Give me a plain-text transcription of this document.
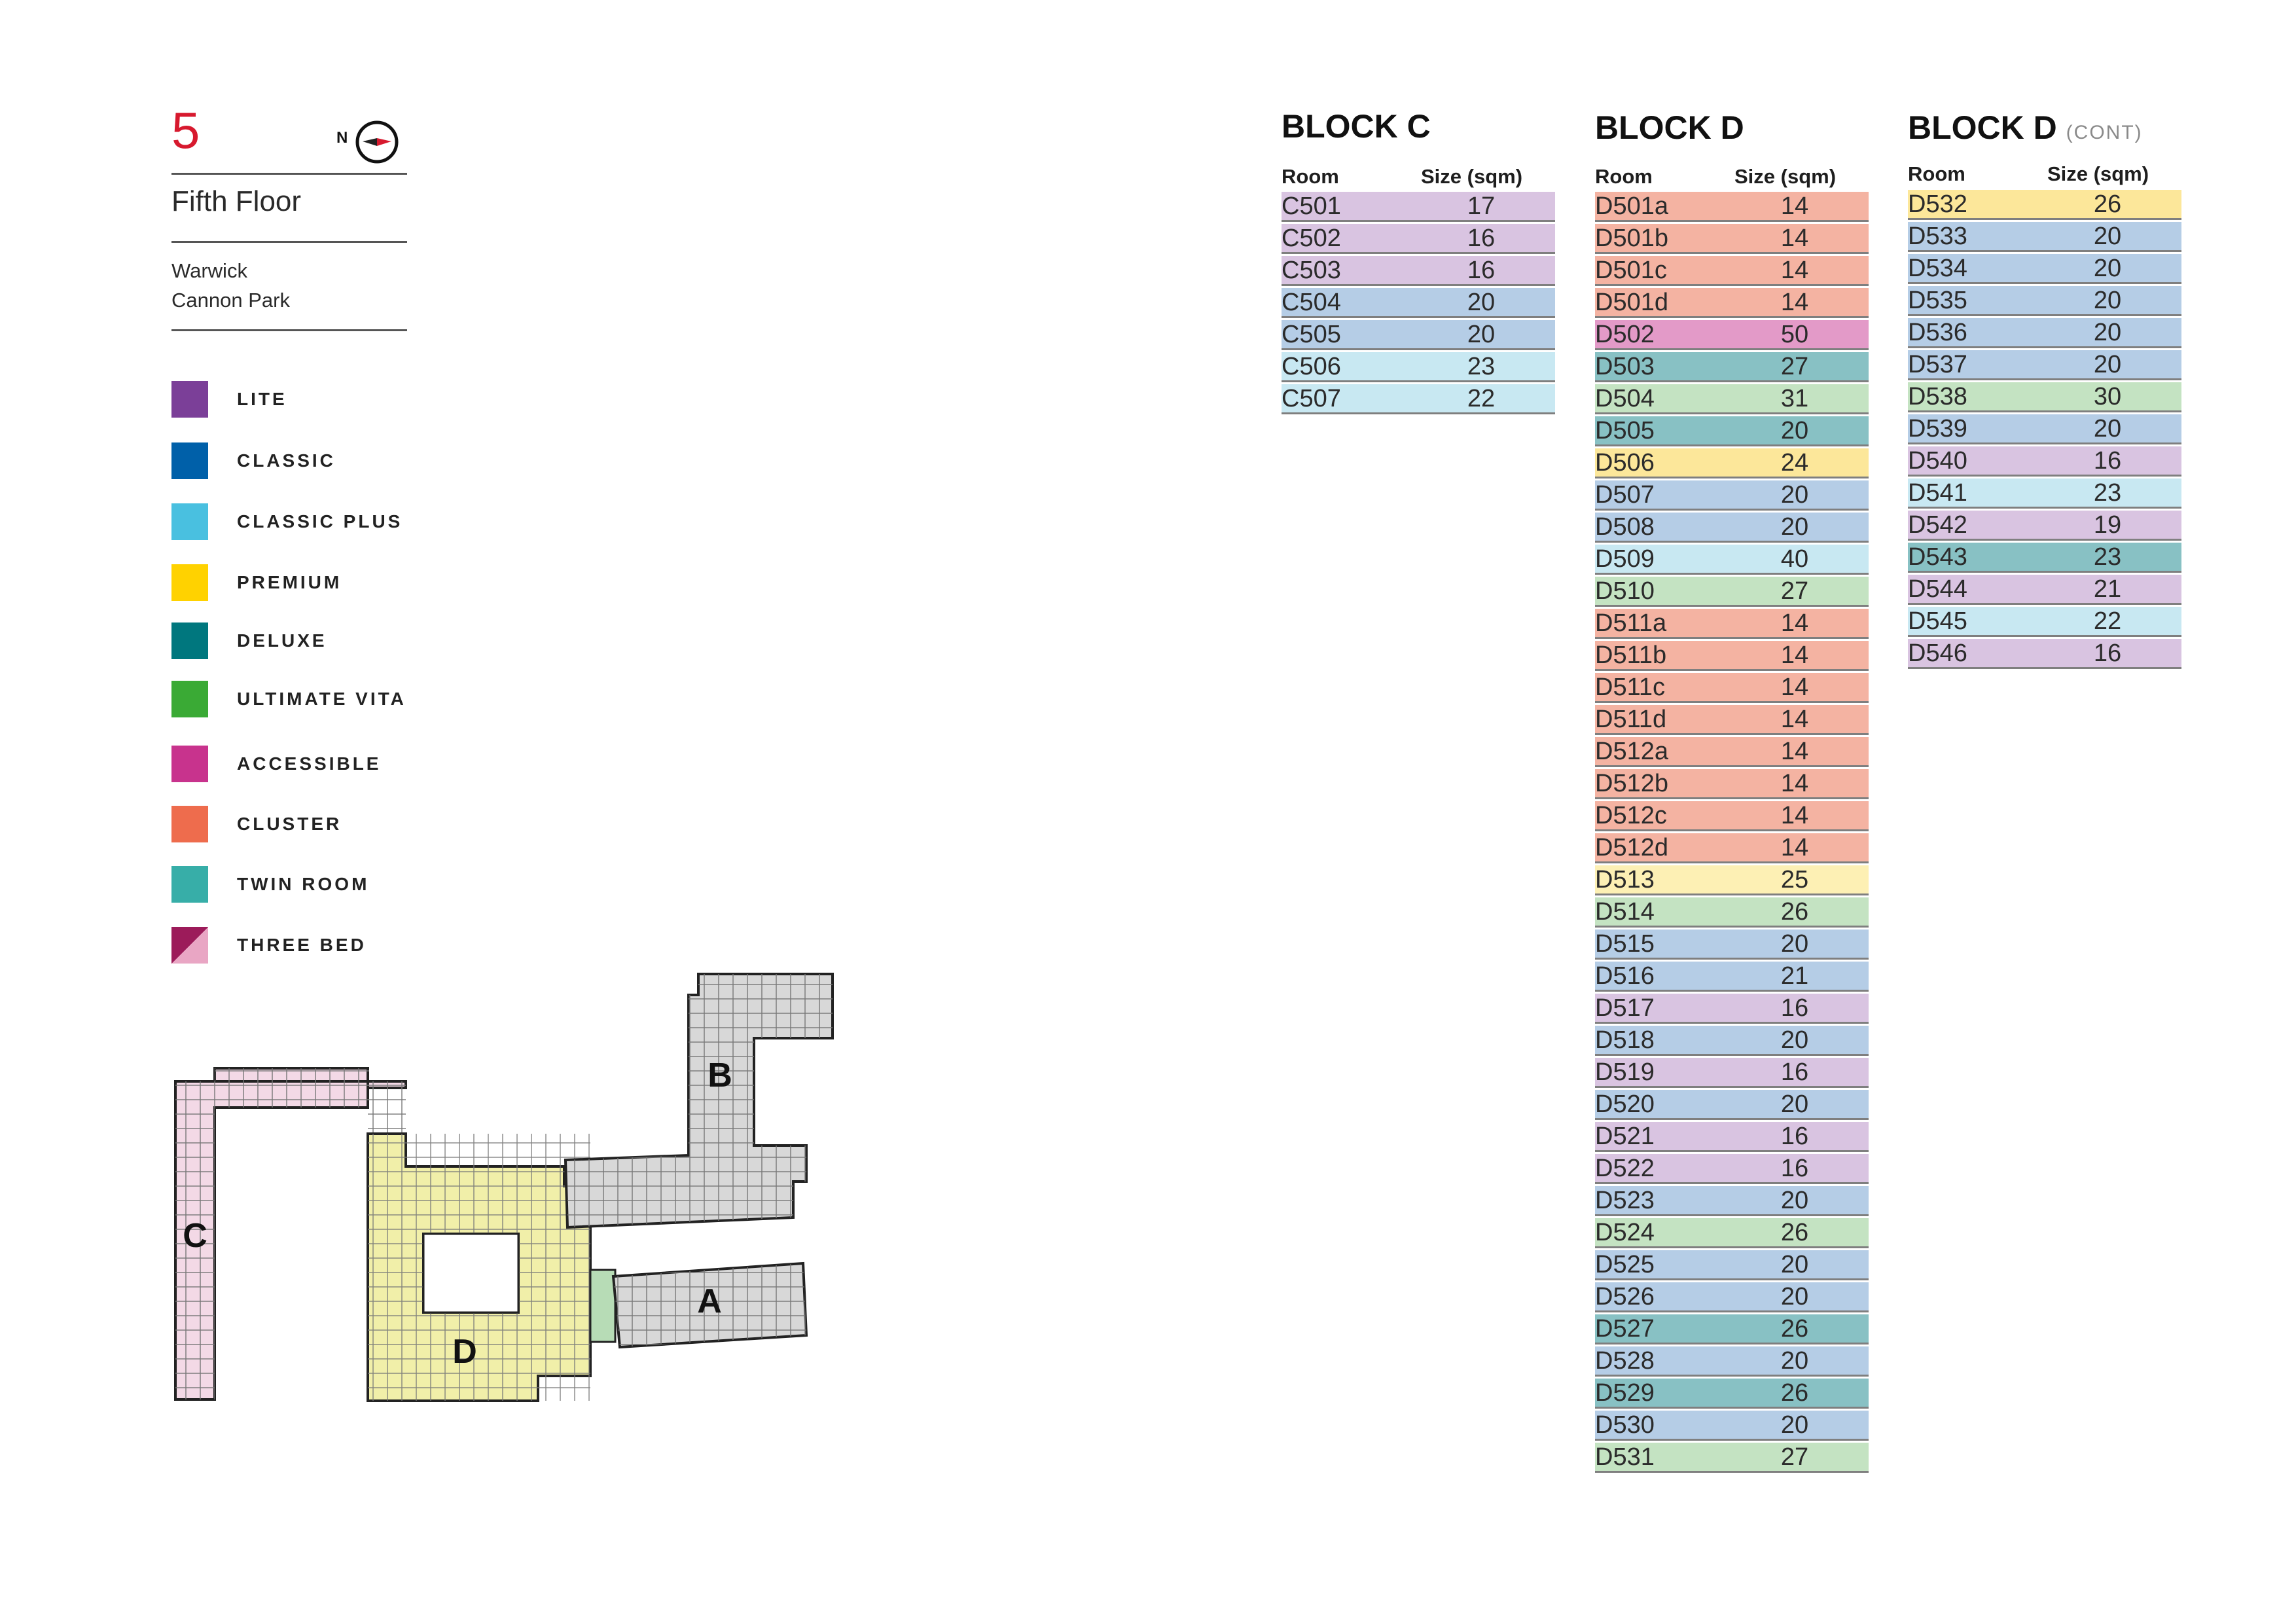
5	N
Fifth Floor
Warwick
Cannon Park
LITE
CLASSIC
CLASSIC PLUS
PREMIUM
DELUXE
ULTIMATE VITA
ACCESSIBLE
CLUSTER
TWIN ROOM
THREE BED
BLOCK C
Room	Size (sqm)
C501	17
C502	16
C503	16
C504	20
C505	20
C506	23
C507	22
BLOCK D
Room	Size (sqm)
D501a	14
D501b	14
D501c	14
D501d	14
D502	50
D503	27
D504	31
D505	20
D506	24
D507	20
D508	20
D509	40
D510	27
D511a	14
D511b	14
D511c	14
D511d	14
D512a	14
D512b	14
D512c	14
D512d	14
D513	25
D514	26
D515	20
D516	21
D517	16
D518	20
D519	16
D520	20
D521	16
D522	16
D523	20
D524	26
D525	20
D526	20
D527	26
D528	20
D529	26
D530	20
D531	27
BLOCK D (CONT)
Room	Size (sqm)
D532	26
D533	20
D534	20
D535	20
D536	20
D537	20
D538	30
D539	20
D540	16
D541	23
D542	19
D543	23
D544	21
D545	22
D546	16
C
D
B
A
